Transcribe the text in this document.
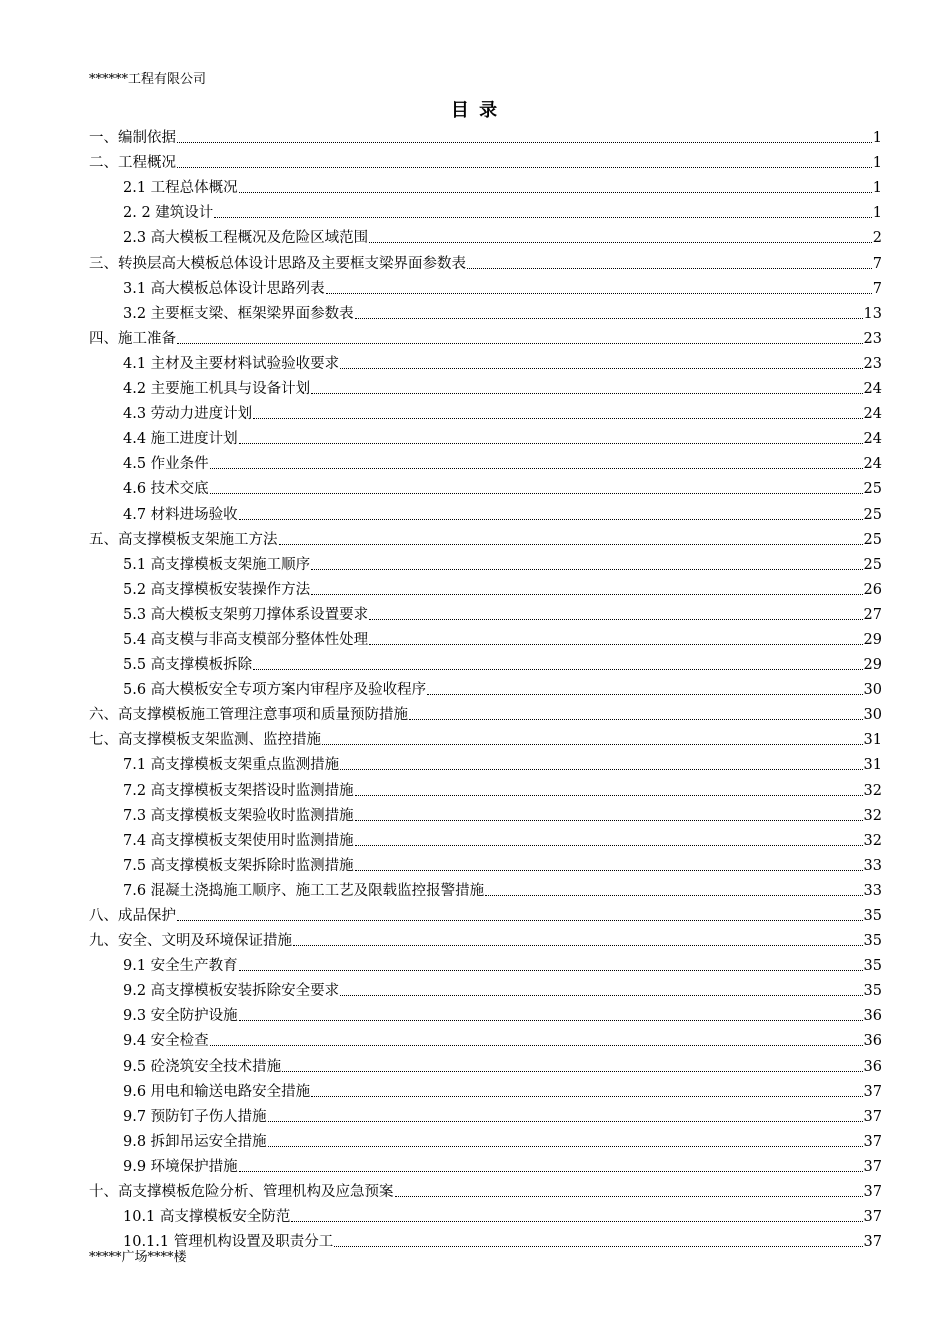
******工程有限公司
目 录
一、编制依据	1
二、工程概况	1
2.1 工程总体概况	1
2. 2 建筑设计	1
2.3 高大模板工程概况及危险区域范围	2
三、转换层高大模板总体设计思路及主要框支梁界面参数表	7
3.1 高大模板总体设计思路列表	7
3.2 主要框支梁、框架梁界面参数表	13
四、施工准备	23
4.1 主材及主要材料试验验收要求	23
4.2 主要施工机具与设备计划	24
4.3 劳动力进度计划	24
4.4 施工进度计划	24
4.5 作业条件	24
4.6 技术交底	25
4.7 材料进场验收	25
五、高支撑模板支架施工方法	25
5.1 高支撑模板支架施工顺序	25
5.2 高支撑模板安装操作方法	26
5.3 高大模板支架剪刀撑体系设置要求	27
5.4 高支模与非高支模部分整体性处理	29
5.5 高支撑模板拆除	29
5.6 高大模板安全专项方案内审程序及验收程序	30
六、高支撑模板施工管理注意事项和质量预防措施	30
七、高支撑模板支架监测、监控措施	31
7.1 高支撑模板支架重点监测措施	31
7.2 高支撑模板支架搭设时监测措施	32
7.3 高支撑模板支架验收时监测措施	32
7.4 高支撑模板支架使用时监测措施	32
7.5 高支撑模板支架拆除时监测措施	33
7.6 混凝土浇捣施工顺序、施工工艺及限载监控报警措施	33
八、成品保护	35
九、安全、文明及环境保证措施	35
9.1 安全生产教育	35
9.2 高支撑模板安装拆除安全要求	35
9.3 安全防护设施	36
9.4 安全检查	36
9.5 砼浇筑安全技术措施	36
9.6 用电和输送电路安全措施	37
9.7 预防钉子伤人措施	37
9.8 拆卸吊运安全措施	37
9.9 环境保护措施	37
十、高支撑模板危险分析、管理机构及应急预案	37
10.1 高支撑模板安全防范	37
10.1.1 管理机构设置及职责分工	37
*****广场****楼
